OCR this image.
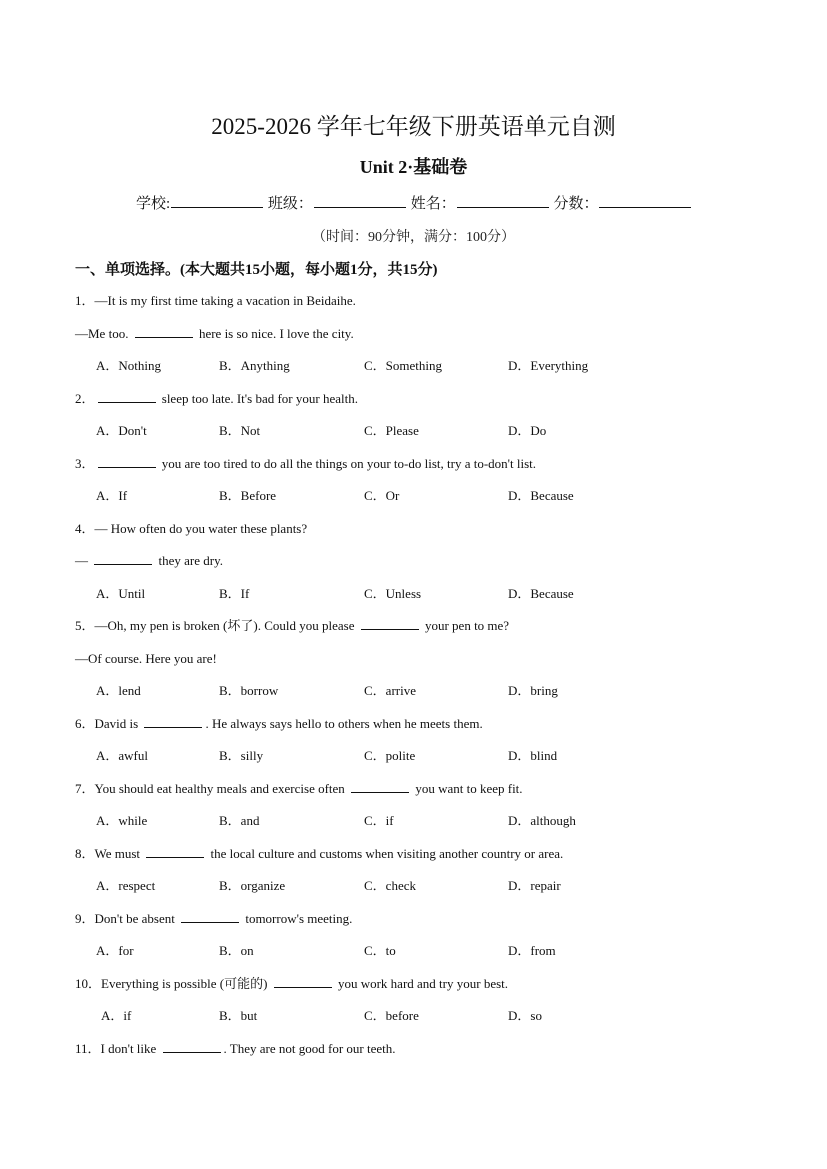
2025-2026 学年七年级下册英语单元自测
Unit 2·基础卷
学校:	班级：	姓名：	分数：
（时间：90分钟，满分：100分）
一、单项选择。(本大题共15小题，每小题1分，共15分)
1．—It is my first time taking a vacation in Beidaihe.
—Me too.	here is so nice. I love the city.
A．Nothing	B．Anything	C．Something	D．Everything
2．	sleep too late. It's bad for your health.
A．Don't	B．Not	C．Please	D．Do
3．	you are too tired to do all the things on your to-do list, try a to-don't list.
A．If	B．Before	C．Or	D．Because
4．— How often do you water these plants?
—	they are dry.
A．Until	B．If	C．Unless	D．Because
5．—Oh, my pen is broken (坏了). Could you please	your pen to me?
—Of course. Here you are!
A．lend	B．borrow	C．arrive	D．bring
6．David is	. He always says hello to others when he meets them.
A．awful	B．silly	C．polite	D．blind
7．You should eat healthy meals and exercise often	you want to keep fit.
A．while	B．and	C．if	D．although
8．We must	the local culture and customs when visiting another country or area.
A．respect	B．organize	C．check	D．repair
9．Don't be absent	tomorrow's meeting.
A．for	B．on	C．to	D．from
10．Everything is possible (可能的)	you work hard and try your best.
A．if	B．but	C．before	D．so
11．I don't like	. They are not good for our teeth.
